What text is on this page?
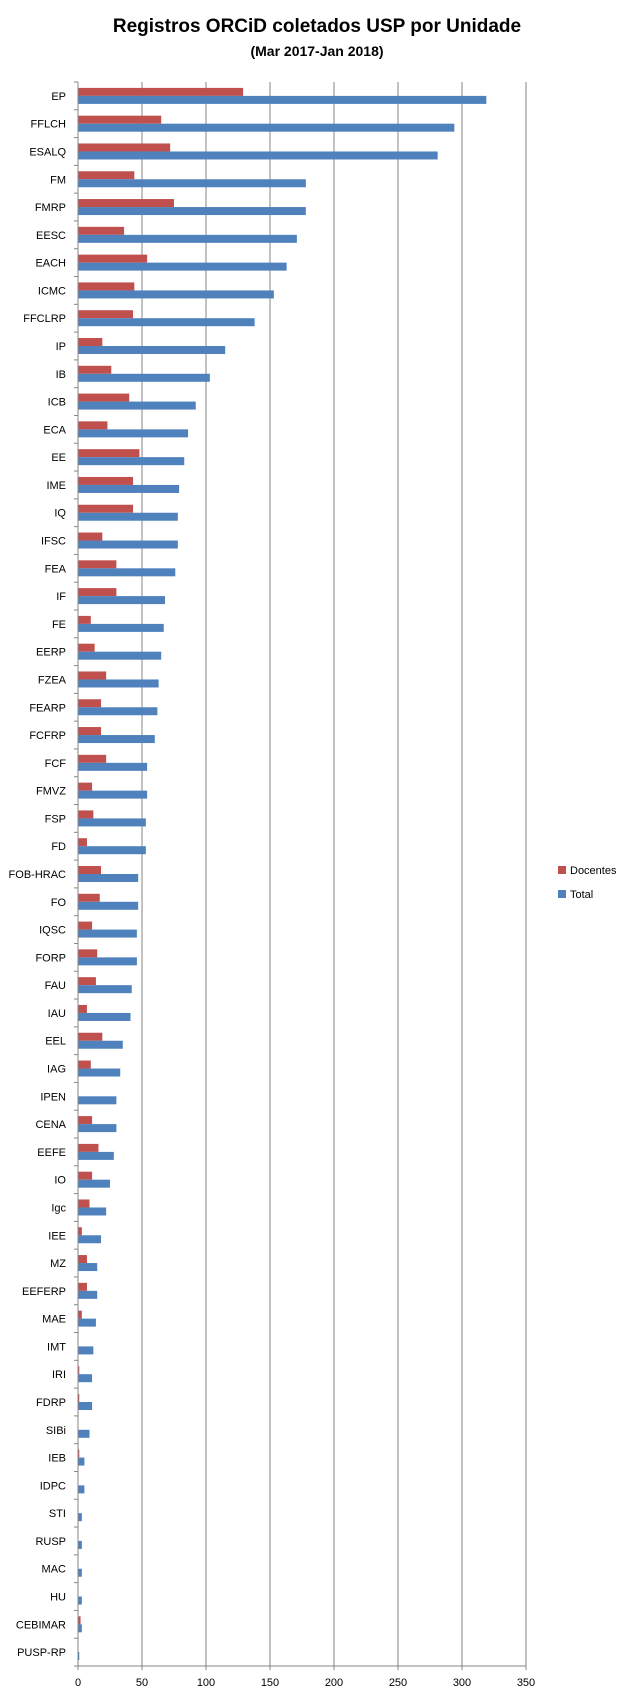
Registros ORCiD coletados USP por Unidade
(Mar 2017-Jan 2018)
EP
FFLCH
ESALQ
FM
FMRP
EESC
EACH
ICMC
FFCLRP
IP
IB
ICB
ECA
EE
IME
IQ
IFSC
FEA
IF
FE
EERP
FZEA
FEARP
FCFRP
FCF
FMVZ
FSP
FD
FOB-HRAC
FO
IQSC
FORP
FAU
IAU
EEL
IAG
IPEN
CENA
EEFE
IO
Igc
IEE
MZ
EEFERP
MAE
IMT
IRI
FDRP
SIBi
IEB
IDPC
STI
RUSP
MAC
HU
CEBIMAR
PUSP-RP
0	50	100	150	200	250	300	350
Docentes
Total
